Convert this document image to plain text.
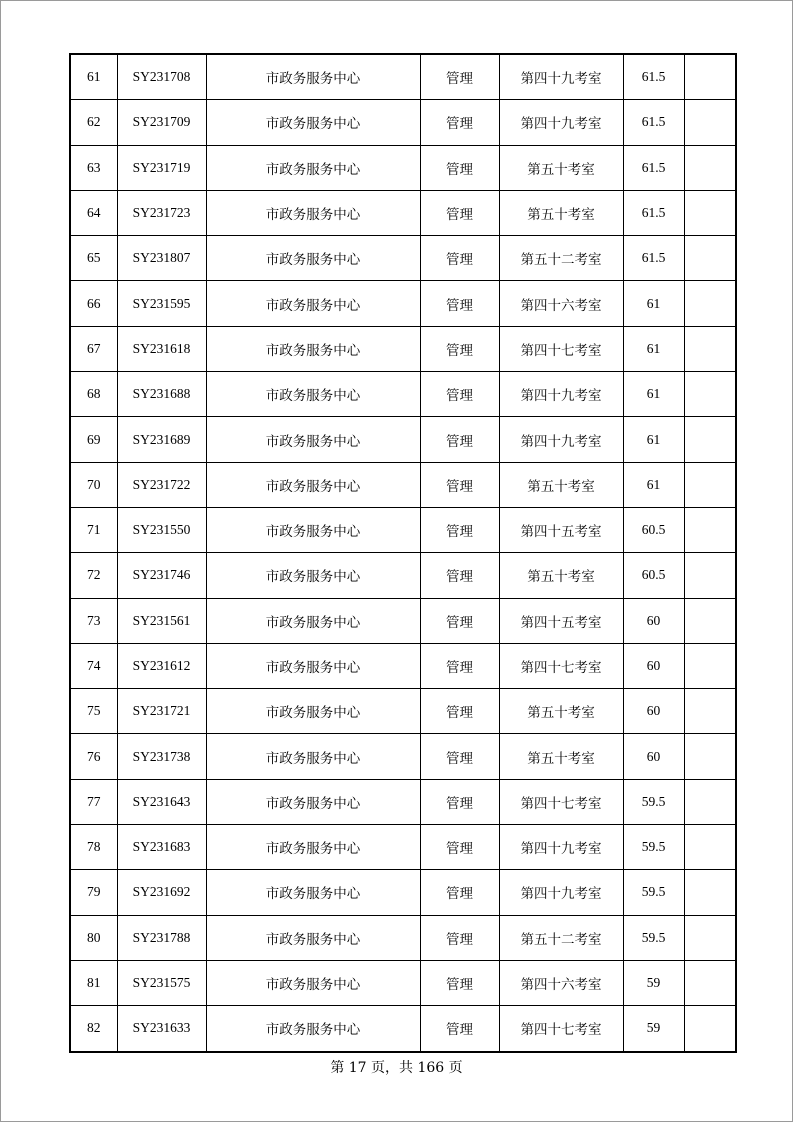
61	SY231708	市政务服务中心	管理	第四十九考室	61.5	
62	SY231709	市政务服务中心	管理	第四十九考室	61.5	
63	SY231719	市政务服务中心	管理	第五十考室	61.5	
64	SY231723	市政务服务中心	管理	第五十考室	61.5	
65	SY231807	市政务服务中心	管理	第五十二考室	61.5	
66	SY231595	市政务服务中心	管理	第四十六考室	61	
67	SY231618	市政务服务中心	管理	第四十七考室	61	
68	SY231688	市政务服务中心	管理	第四十九考室	61	
69	SY231689	市政务服务中心	管理	第四十九考室	61	
70	SY231722	市政务服务中心	管理	第五十考室	61	
71	SY231550	市政务服务中心	管理	第四十五考室	60.5	
72	SY231746	市政务服务中心	管理	第五十考室	60.5	
73	SY231561	市政务服务中心	管理	第四十五考室	60	
74	SY231612	市政务服务中心	管理	第四十七考室	60	
75	SY231721	市政务服务中心	管理	第五十考室	60	
76	SY231738	市政务服务中心	管理	第五十考室	60	
77	SY231643	市政务服务中心	管理	第四十七考室	59.5	
78	SY231683	市政务服务中心	管理	第四十九考室	59.5	
79	SY231692	市政务服务中心	管理	第四十九考室	59.5	
80	SY231788	市政务服务中心	管理	第五十二考室	59.5	
81	SY231575	市政务服务中心	管理	第四十六考室	59	
82	SY231633	市政务服务中心	管理	第四十七考室	59	
第 17 页，共 166 页
